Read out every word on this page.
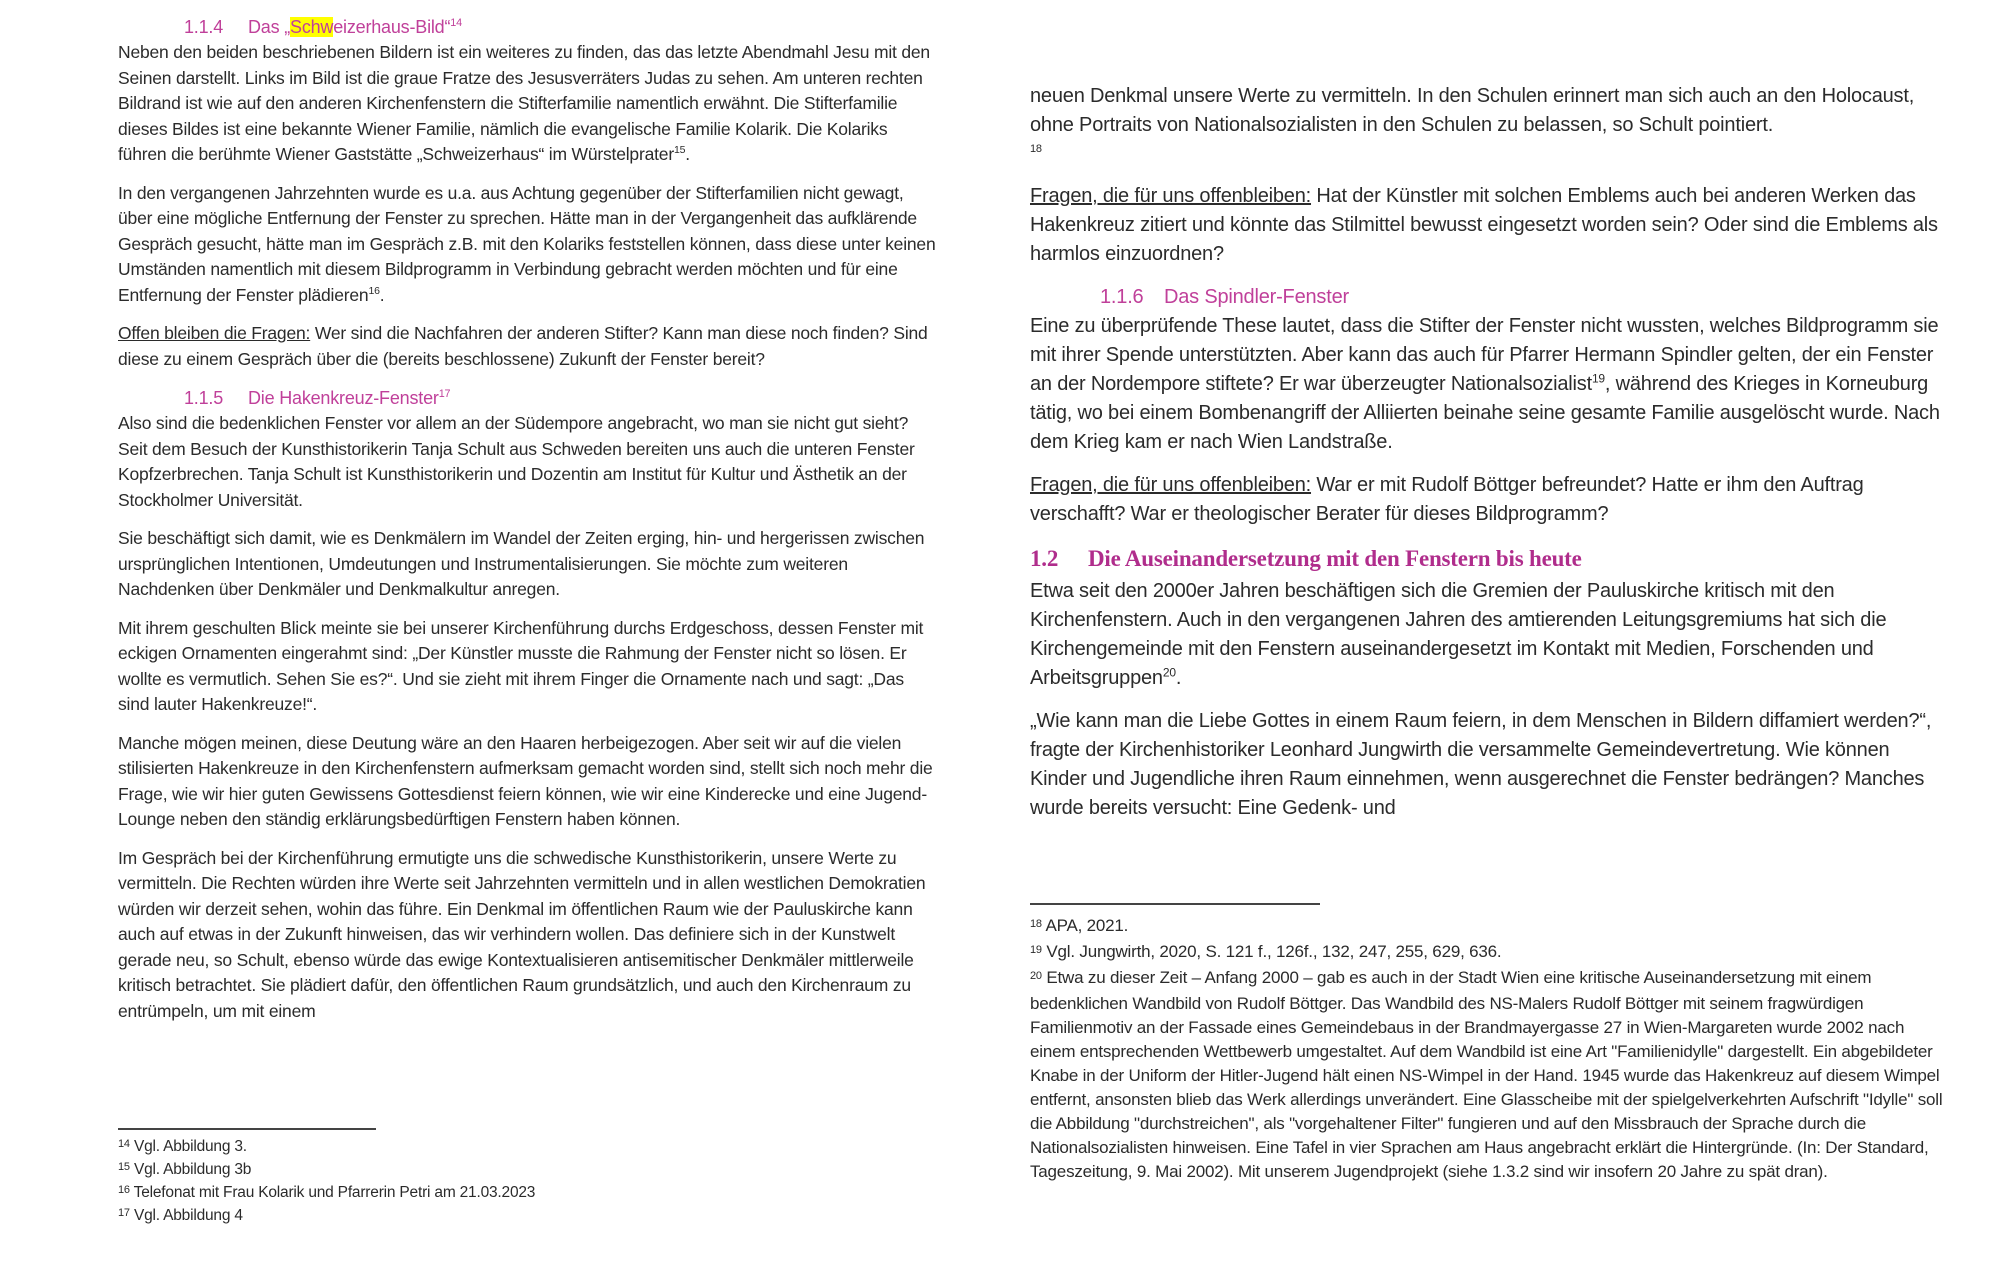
1.1.4 Das „Schweizerhaus-Bild“$^{14}$

Neben den beiden beschriebenen Bildern ist ein weiteres zu finden, das das letzte Abendmahl Jesu mit den Seinen darstellt. Links im Bild ist die graue Fratze des Jesusverräters Judas zu sehen. Am unteren rechten Bildrand ist wie auf den anderen Kirchenfenstern die Stifterfamilie namentlich erwähnt. Die Stifterfamilie dieses Bildes ist eine bekannte Wiener Familie, nämlich die evangelische Familie Kolarik. Die Kolariks führen die berühmte Wiener Gaststätte „Schweizerhaus“ im Würstelprater$^{15}$.

In den vergangenen Jahrzehnten wurde es u.a. aus Achtung gegenüber der Stifterfamilien nicht gewagt, über eine mögliche Entfernung der Fenster zu sprechen. Hätte man in der Vergangenheit das aufklärende Gespräch gesucht, hätte man im Gespräch z.B. mit den Kolariks feststellen können, dass diese unter keinen Umständen namentlich mit diesem Bildprogramm in Verbindung gebracht werden möchten und für eine Entfernung der Fenster plädieren$^{16}$.

Offen bleiben die Fragen: Wer sind die Nachfahren der anderen Stifter? Kann man diese noch finden? Sind diese zu einem Gespräch über die (bereits beschlossene) Zukunft der Fenster bereit?

1.1.5 Die Hakenkreuz-Fenster$^{17}$

Also sind die bedenklichen Fenster vor allem an der Südempore angebracht, wo man sie nicht gut sieht? Seit dem Besuch der Kunsthistorikerin Tanja Schult aus Schweden bereiten uns auch die unteren Fenster Kopfzerbrechen. Tanja Schult ist Kunsthistorikerin und Dozentin am Institut für Kultur und Ästhetik an der Stockholmer Universität.

Sie beschäftigt sich damit, wie es Denkmälern im Wandel der Zeiten erging, hin- und hergerissen zwischen ursprünglichen Intentionen, Umdeutungen und Instrumentalisierungen. Sie möchte zum weiteren Nachdenken über Denkmäler und Denkmalkultur anregen.

Mit ihrem geschulten Blick meinte sie bei unserer Kirchenführung durchs Erdgeschoss, dessen Fenster mit eckigen Ornamenten eingerahmt sind: „Der Künstler musste die Rahmung der Fenster nicht so lösen. Er wollte es vermutlich. Sehen Sie es?“. Und sie zieht mit ihrem Finger die Ornamente nach und sagt: „Das sind lauter Hakenkreuze!“.

Manche mögen meinen, diese Deutung wäre an den Haaren herbeigezogen. Aber seit wir auf die vielen stilisierten Hakenkreuze in den Kirchenfenstern aufmerksam gemacht worden sind, stellt sich noch mehr die Frage, wie wir hier guten Gewissens Gottesdienst feiern können, wie wir eine Kinderecke und eine Jugend-Lounge neben den ständig erklärungsbedürftigen Fenstern haben können.

Im Gespräch bei der Kirchenführung ermutigte uns die schwedische Kunsthistorikerin, unsere Werte zu vermitteln. Die Rechten würden ihre Werte seit Jahrzehnten vermitteln und in allen westlichen Demokratien würden wir derzeit sehen, wohin das führe. Ein Denkmal im öffentlichen Raum wie der Pauluskirche kann auch auf etwas in der Zukunft hinweisen, das wir verhindern wollen. Das definiere sich in der Kunstwelt gerade neu, so Schult, ebenso würde das ewige Kontextualisieren antisemitischer Denkmäler mittlerweile kritisch betrachtet. Sie plädiert dafür, den öffentlichen Raum grundsätzlich, und auch den Kirchenraum zu entrümpeln, um mit einem

$^{14}$ Vgl. Abbildung 3.
$^{15}$ Vgl. Abbildung 3b
$^{16}$ Telefonat mit Frau Kolarik und Pfarrerin Petri am 21.03.2023
$^{17}$ Vgl. Abbildung 4

neuen Denkmal unsere Werte zu vermitteln. In den Schulen erinnert man sich auch an den Holocaust, ohne Portraits von Nationalsozialisten in den Schulen zu belassen, so Schult pointiert.

18

Fragen, die für uns offenbleiben: Hat der Künstler mit solchen Emblems auch bei anderen Werken das Hakenkreuz zitiert und könnte das Stilmittel bewusst eingesetzt worden sein? Oder sind die Emblems als harmlos einzuordnen?

1.1.6 Das Spindler-Fenster

Eine zu überprüfende These lautet, dass die Stifter der Fenster nicht wussten, welches Bildprogramm sie mit ihrer Spende unterstützten. Aber kann das auch für Pfarrer Hermann Spindler gelten, der ein Fenster an der Nordempore stiftete? Er war überzeugter Nationalsozialist$^{19}$, während des Krieges in Korneuburg tätig, wo bei einem Bombenangriff der Alliierten beinahe seine gesamte Familie ausgelöscht wurde. Nach dem Krieg kam er nach Wien Landstraße.

Fragen, die für uns offenbleiben: War er mit Rudolf Böttger befreundet? Hatte er ihm den Auftrag verschafft? War er theologischer Berater für dieses Bildprogramm?

1.2 Die Auseinandersetzung mit den Fenstern bis heute

Etwa seit den 2000er Jahren beschäftigen sich die Gremien der Pauluskirche kritisch mit den Kirchenfenstern. Auch in den vergangenen Jahren des amtierenden Leitungsgremiums hat sich die Kirchengemeinde mit den Fenstern auseinandergesetzt im Kontakt mit Medien, Forschenden und Arbeitsgruppen$^{20}$.

„Wie kann man die Liebe Gottes in einem Raum feiern, in dem Menschen in Bildern diffamiert werden?“, fragte der Kirchenhistoriker Leonhard Jungwirth die versammelte Gemeindevertretung. Wie können Kinder und Jugendliche ihren Raum einnehmen, wenn ausgerechnet die Fenster bedrängen? Manches wurde bereits versucht: Eine Gedenk- und

$^{18}$ APA, 2021.
$^{19}$ Vgl. Jungwirth, 2020, S. 121 f., 126f., 132, 247, 255, 629, 636.
$^{20}$ Etwa zu dieser Zeit – Anfang 2000 – gab es auch in der Stadt Wien eine kritische Auseinandersetzung mit einem bedenklichen Wandbild von Rudolf Böttger. Das Wandbild des NS-Malers Rudolf Böttger mit seinem fragwürdigen Familienmotiv an der Fassade eines Gemeindebaus in der Brandmayergasse 27 in Wien-Margareten wurde 2002 nach einem entsprechenden Wettbewerb umgestaltet. Auf dem Wandbild ist eine Art "Familienidylle" dargestellt. Ein abgebildeter Knabe in der Uniform der Hitler-Jugend hält einen NS-Wimpel in der Hand. 1945 wurde das Hakenkreuz auf diesem Wimpel entfernt, ansonsten blieb das Werk allerdings unverändert. Eine Glasscheibe mit der spielgelverkehrten Aufschrift "Idylle" soll die Abbildung "durchstreichen", als "vorgehaltener Filter" fungieren und auf den Missbrauch der Sprache durch die Nationalsozialisten hinweisen. Eine Tafel in vier Sprachen am Haus angebracht erklärt die Hintergründe. (In: Der Standard, Tageszeitung, 9. Mai 2002). Mit unserem Jugendprojekt (siehe 1.3.2 sind wir insofern 20 Jahre zu spät dran).
